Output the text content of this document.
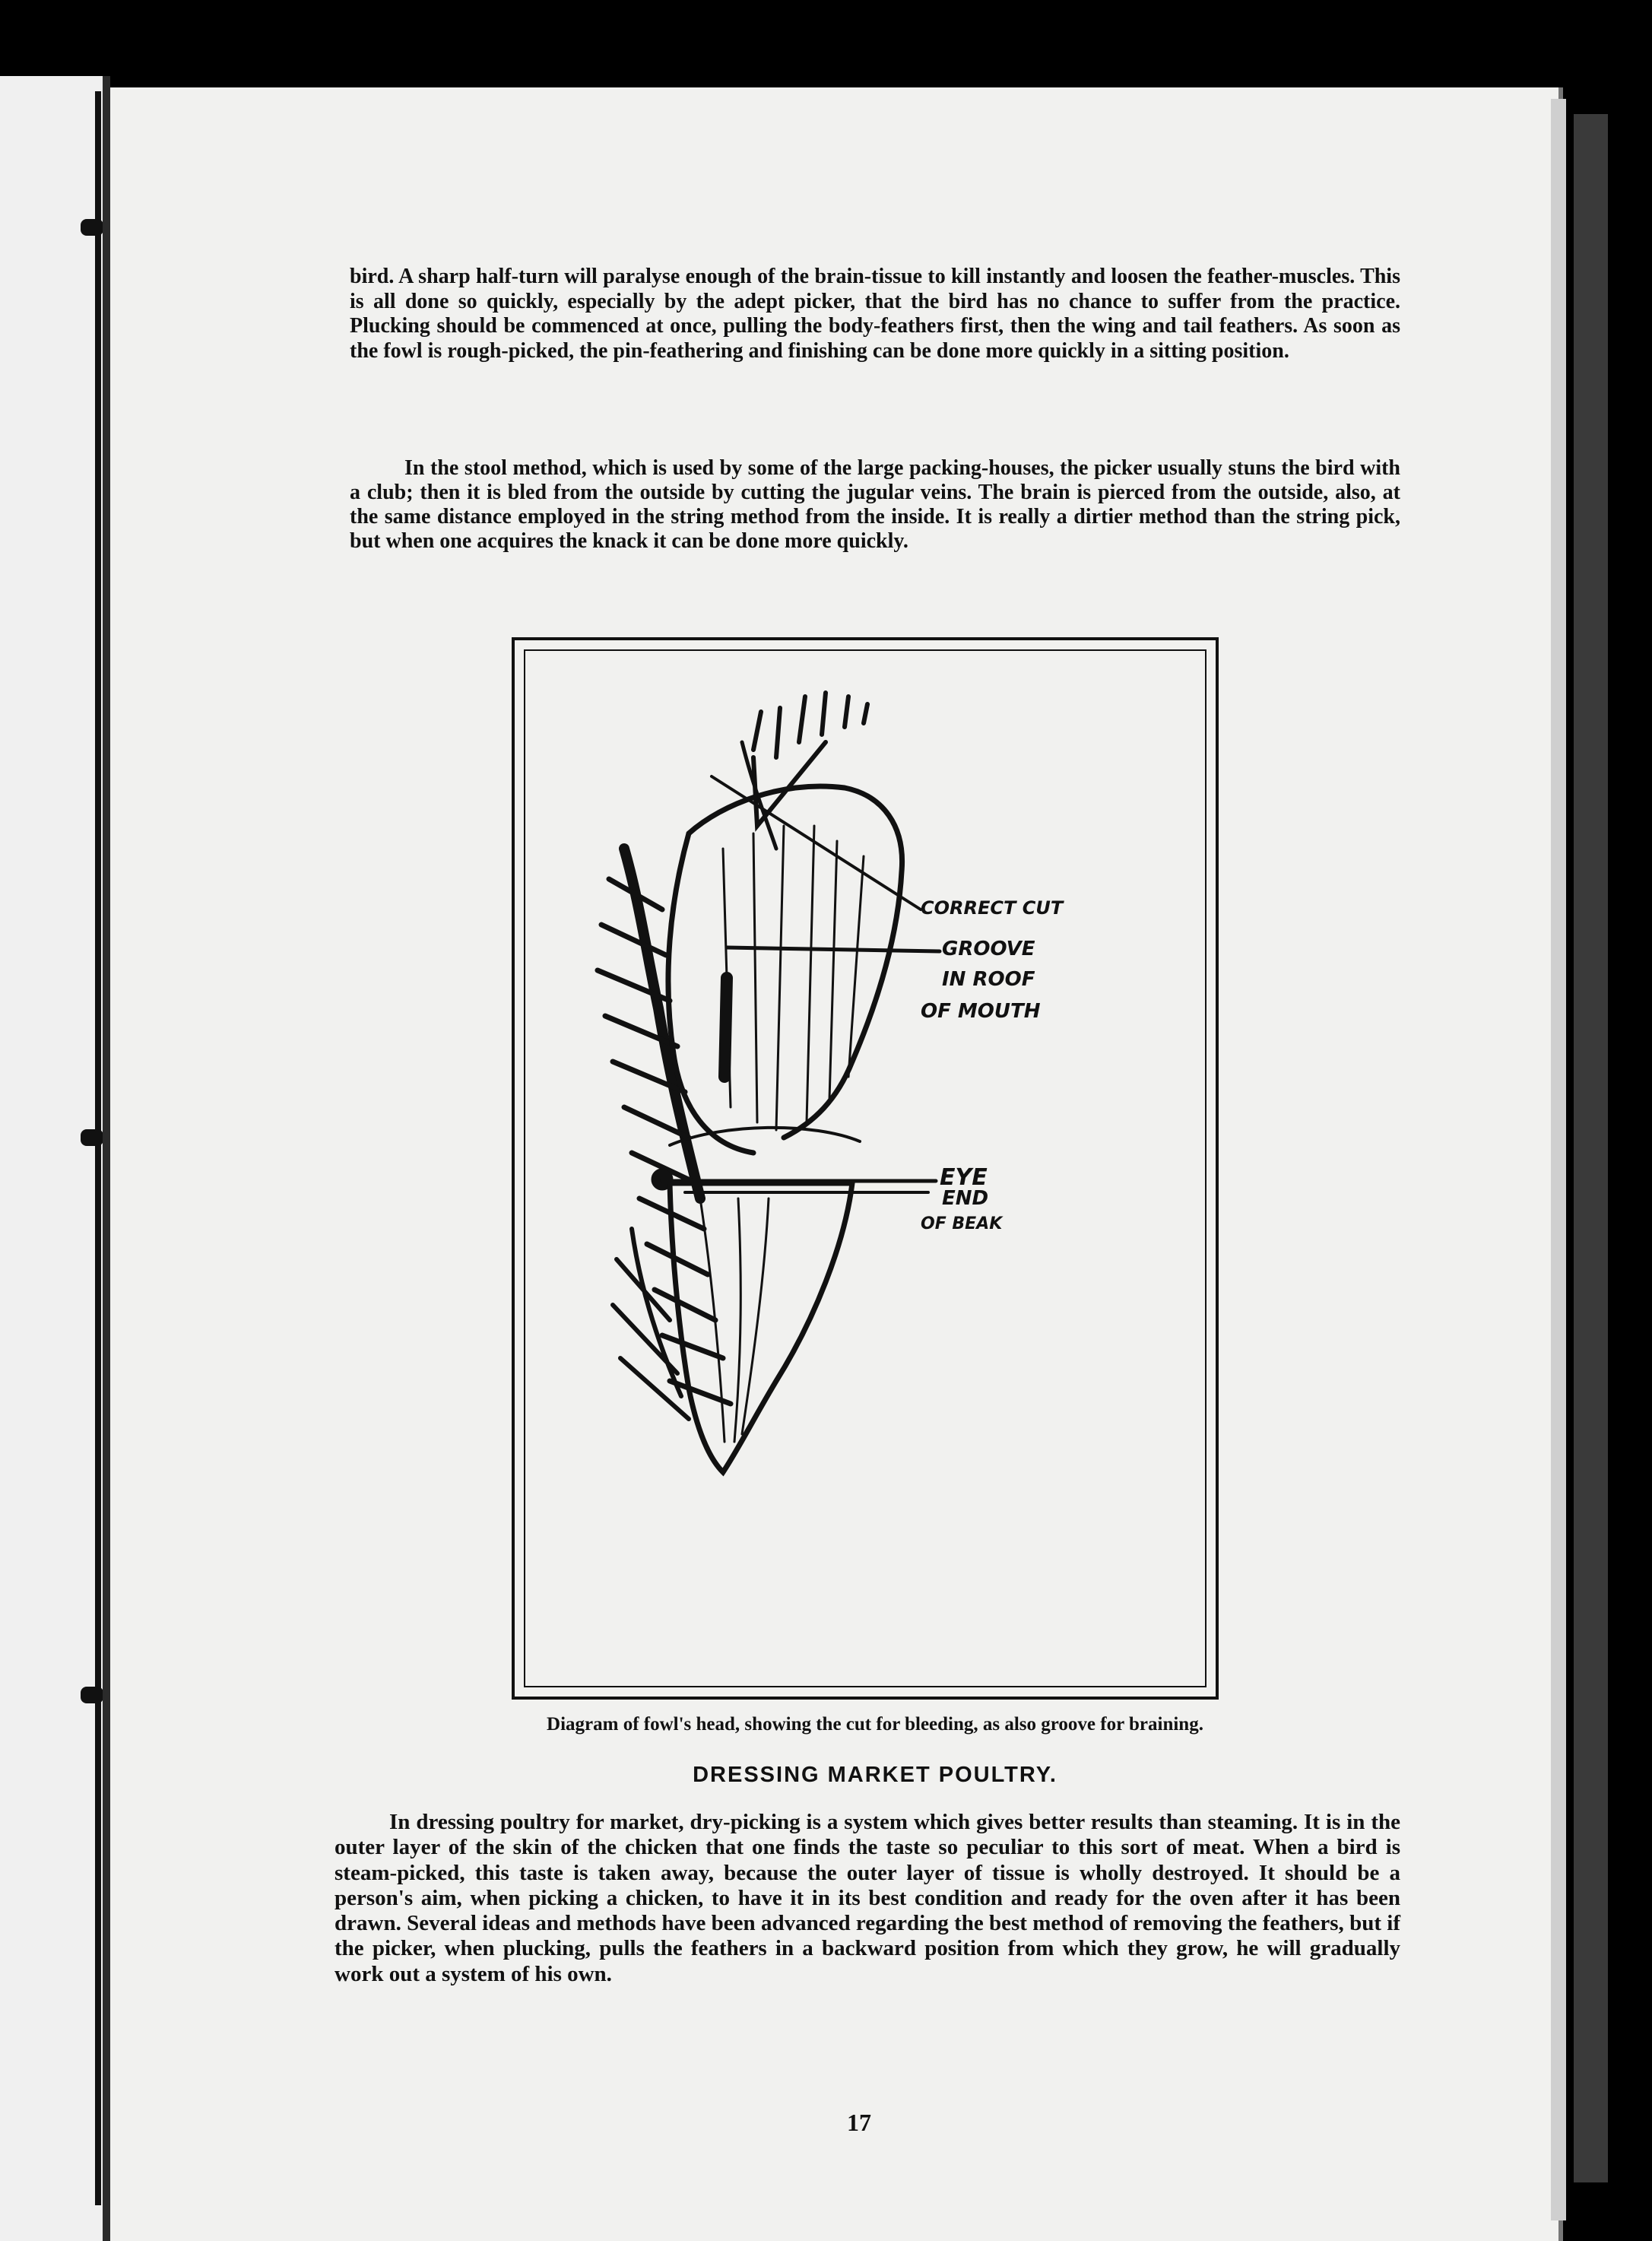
bird. A sharp half-turn will paralyse enough of the brain-tissue to kill instantly and loosen the feather-muscles. This is all done so quickly, especially by the adept picker, that the bird has no chance to suffer from the practice. Plucking should be commenced at once, pulling the body-feathers first, then the wing and tail feathers. As soon as the fowl is rough-picked, the pin-feathering and finishing can be done more quickly in a sitting position.

In the stool method, which is used by some of the large packing-houses, the picker usually stuns the bird with a club; then it is bled from the outside by cutting the jugular veins. The brain is pierced from the outside, also, at the same distance employed in the string method from the inside. It is really a dirtier method than the string pick, but when one acquires the knack it can be done more quickly.

CORRECT CUT
GROOVE
IN ROOF
OF MOUTH
EYE
END
OF BEAK

Diagram of fowl's head, showing the cut for bleeding, as also groove for braining.

DRESSING MARKET POULTRY.

In dressing poultry for market, dry-picking is a system which gives better results than steaming. It is in the outer layer of the skin of the chicken that one finds the taste so peculiar to this sort of meat. When a bird is steam-picked, this taste is taken away, because the outer layer of tissue is wholly destroyed. It should be a person's aim, when picking a chicken, to have it in its best condition and ready for the oven after it has been drawn. Several ideas and methods have been advanced regarding the best method of removing the feathers, but if the picker, when plucking, pulls the feathers in a backward position from which they grow, he will gradually work out a system of his own.

17
